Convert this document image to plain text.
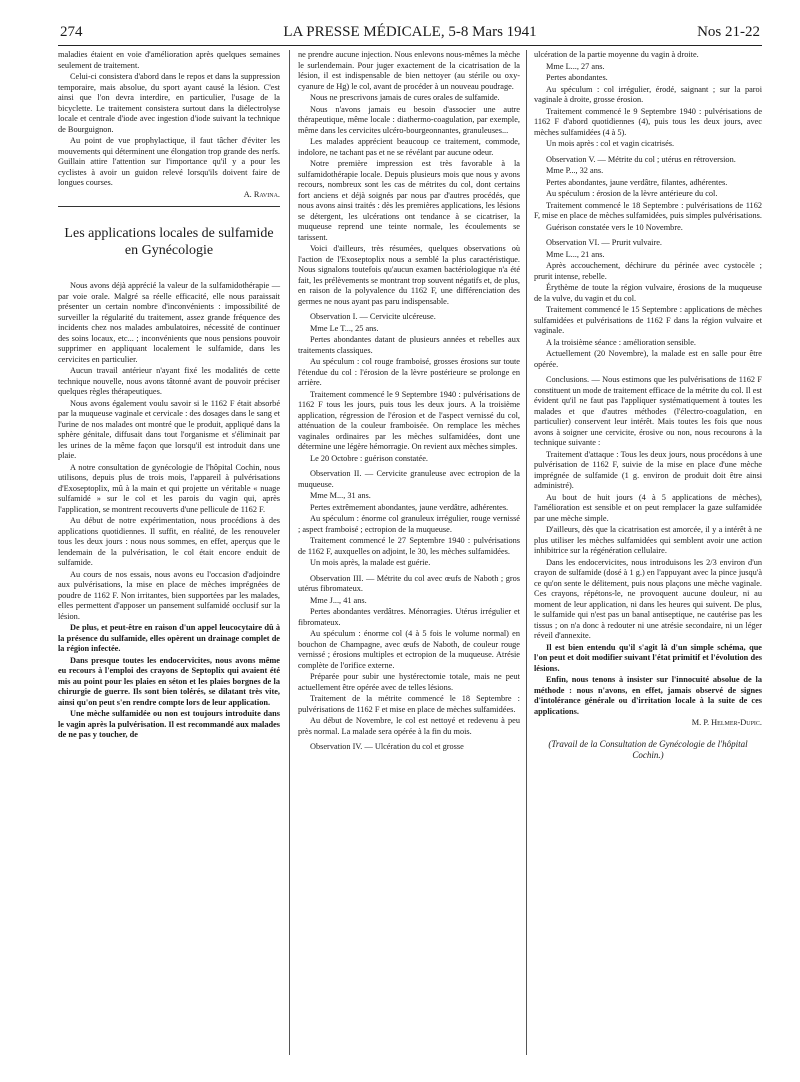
274	LA PRESSE MÉDICALE, 5-8 Mars 1941	Nos 21-22

maladies étaient en voie d'amélioration après quelques semaines seulement de traitement.

Celui-ci consistera d'abord dans le repos et dans la suppression temporaire, mais absolue, du sport ayant causé la lésion. C'est ainsi que l'on devra interdire, en particulier, l'usage de la bicyclette. Le traitement consistera surtout dans la diélectrolyse locale et centrale d'iode avec ingestion d'iode suivant la technique de Bourguignon.

Au point de vue prophylactique, il faut tâcher d'éviter les mouvements qui déterminent une élongation trop grande des nerfs. Guillain attire l'attention sur l'importance qu'il y a pour les cyclistes à avoir un guidon relevé lorsqu'ils doivent faire de longues courses.

A. Ravina.

Les applications locales de sulfamide en Gynécologie

Nous avons déjà apprécié la valeur de la sulfamidothérapie — par voie orale. Malgré sa réelle efficacité, elle nous paraissait présenter un certain nombre d'inconvénients : impossibilité de surveiller la régularité du traitement, assez grande fréquence des incidents chez nos malades ambulatoires, nécessité de continuer des soins locaux, etc... ; inconvénients que nous pensions pouvoir supprimer en appliquant localement le sulfamide, dans les cervicites en particulier.

Aucun travail antérieur n'ayant fixé les modalités de cette technique nouvelle, nous avons tâtonné avant de pouvoir préciser quelques règles thérapeutiques.

Nous avons également voulu savoir si le 1162 F était absorbé par la muqueuse vaginale et cervicale : des dosages dans le sang et l'urine de nos malades ont montré que le produit, appliqué dans la sphère génitale, diffusait dans tout l'organisme et s'éliminait par les urines de la même façon que lorsqu'il est introduit dans une plaie.

A notre consultation de gynécologie de l'hôpital Cochin, nous utilisons, depuis plus de trois mois, l'appareil à pulvérisations d'Exoseptoplix, mû à la main et qui projette un véritable « nuage sulfamidé » sur le col et les parois du vagin qui, après l'application, se montrent recouverts d'une pellicule de 1162 F.

Au début de notre expérimentation, nous procédions à des applications quotidiennes. Il suffit, en réalité, de les renouveler tous les deux jours : nous nous sommes, en effet, aperçus que le lendemain de la pulvérisation, le col était encore enduit de sulfamide.

Au cours de nos essais, nous avons eu l'occasion d'adjoindre aux pulvérisations, la mise en place de mèches imprégnées de poudre de 1162 F. Non irritantes, bien supportées par les malades, elles permettent d'apposer un pansement sulfamidé occlusif sur la lésion.

De plus, et peut-être en raison d'un appel leucocytaire dû à la présence du sulfamide, elles opèrent un drainage complet de la région infectée.

Dans presque toutes les endocervicites, nous avons même eu recours à l'emploi des crayons de Septoplix qui avaient été mis au point pour les plaies en séton et les plaies borgnes de la chirurgie de guerre. Ils sont bien tolérés, se dilatant très vite, ainsi qu'on peut s'en rendre compte lors de leur application.

Une mèche sulfamidée ou non est toujours introduite dans le vagin après la pulvérisation. Il est recommandé aux malades de ne pas y toucher, de

ne prendre aucune injection. Nous enlevons nous-mêmes la mèche le surlendemain. Pour juger exactement de la cicatrisation de la lésion, il est indispensable de bien nettoyer (au stérile ou oxy-cyanure de Hg) le col, avant de procéder à un nouveau poudrage.

Nous ne prescrivons jamais de cures orales de sulfamide.

Nous n'avons jamais eu besoin d'associer une autre thérapeutique, même locale : diathermo-coagulation, par exemple, même dans les cervicites ulcéro-bourgeonnantes, granuleuses...

Les malades apprécient beaucoup ce traitement, commode, indolore, ne tachant pas et ne se révélant par aucune odeur.

Notre première impression est très favorable à la sulfamidothérapie locale. Depuis plusieurs mois que nous y avons recours, nombreux sont les cas de métrites du col, dont certains fort anciens et déjà soignés par nous par d'autres procédés, que nous avons ainsi traités : dès les premières applications, les lésions se détergent, les ulcérations ont tendance à se cicatriser, la muqueuse reprend une teinte normale, les écoulements se tarissent.

Voici d'ailleurs, très résumées, quelques observations où l'action de l'Exoseptoplix nous a semblé la plus caractéristique. Nous signalons toutefois qu'aucun examen bactériologique n'a été fait, les prélèvements se montrant trop souvent négatifs et, de plus, en raison de la polyvalence du 1162 F, une différenciation des germes ne nous ayant pas paru indispensable.

Observation I. — Cervicite ulcéreuse.

Mme Le T..., 25 ans.

Pertes abondantes datant de plusieurs années et rebelles aux traitements classiques.

Au spéculum : col rouge framboisé, grosses érosions sur toute l'étendue du col : l'érosion de la lèvre postérieure se prolonge en arrière.

Traitement commencé le 9 Septembre 1940 : pulvérisations de 1162 F tous les jours, puis tous les deux jours. A la troisième application, régression de l'érosion et de l'aspect vernissé du col, atténuation de la couleur framboisée. On remplace les mèches vaginales ordinaires par les mèches sulfamidées, dont une détermine une légère hémorragie. On revient aux mèches simples.

Le 20 Octobre : guérison constatée.

Observation II. — Cervicite granuleuse avec ectropion de la muqueuse.

Mme M..., 31 ans.

Pertes extrêmement abondantes, jaune verdâtre, adhérentes.

Au spéculum : énorme col granuleux irrégulier, rouge vernissé ; aspect framboisé ; ectropion de la muqueuse.

Traitement commencé le 27 Septembre 1940 : pulvérisations de 1162 F, auxquelles on adjoint, le 30, les mèches sulfamidées.

Un mois après, la malade est guérie.

Observation III. — Métrite du col avec œufs de Naboth ; gros utérus fibromateux.

Mme J..., 41 ans.

Pertes abondantes verdâtres. Ménorragies. Utérus irrégulier et fibromateux.

Au spéculum : énorme col (4 à 5 fois le volume normal) en bouchon de Champagne, avec œufs de Naboth, de couleur rouge vernissé ; érosions multiples et ectropion de la muqueuse. Atrésie complète de l'orifice externe.

Préparée pour subir une hystérectomie totale, mais ne peut actuellement être opérée avec de telles lésions.

Traitement de la métrite commencé le 18 Septembre : pulvérisations de 1162 F et mise en place de mèches sulfamidées.

Au début de Novembre, le col est nettoyé et redevenu à peu près normal. La malade sera opérée à la fin du mois.

Observation IV. — Ulcération du col et grosse

ulcération de la partie moyenne du vagin à droite.

Mme L..., 27 ans.

Pertes abondantes.

Au spéculum : col irrégulier, érodé, saignant ; sur la paroi vaginale à droite, grosse érosion.

Traitement commencé le 9 Septembre 1940 : pulvérisations de 1162 F d'abord quotidiennes (4), puis tous les deux jours, avec mèches sulfamidées (4 à 5).

Un mois après : col et vagin cicatrisés.

Observation V. — Métrite du col ; utérus en rétroversion.

Mme P..., 32 ans.

Pertes abondantes, jaune verdâtre, filantes, adhérentes.

Au spéculum : érosion de la lèvre antérieure du col.

Traitement commencé le 18 Septembre : pulvérisations de 1162 F, mise en place de mèches sulfamidées, puis simples pulvérisations.

Guérison constatée vers le 10 Novembre.

Observation VI. — Prurit vulvaire.

Mme L..., 21 ans.

Après accouchement, déchirure du périnée avec cystocèle ; prurit intense, rebelle.

Érythème de toute la région vulvaire, érosions de la muqueuse de la vulve, du vagin et du col.

Traitement commencé le 15 Septembre : applications de mèches sulfamidées et pulvérisations de 1162 F dans la région vulvaire et vaginale.

A la troisième séance : amélioration sensible.

Actuellement (20 Novembre), la malade est en salle pour être opérée.

Conclusions. — Nous estimons que les pulvérisations de 1162 F constituent un mode de traitement efficace de la métrite du col. Il est évident qu'il ne faut pas l'appliquer systématiquement à toutes les malades et que d'autres méthodes (l'électro-coagulation, en particulier) conservent leur intérêt. Mais toutes les fois que nous avons à soigner une cervicite, érosive ou non, nous recourons à la technique suivante :

Traitement d'attaque : Tous les deux jours, nous procédons à une pulvérisation de 1162 F, suivie de la mise en place d'une mèche imprégnée de sulfamide (1 g. environ de produit doit être ainsi administré).

Au bout de huit jours (4 à 5 applications de mèches), l'amélioration est sensible et on peut remplacer la gaze sulfamidée par une mèche simple.

D'ailleurs, dès que la cicatrisation est amorcée, il y a intérêt à ne plus utiliser les mèches sulfamidées qui semblent avoir une action inhibitrice sur la régénération cellulaire.

Dans les endocervicites, nous introduisons les 2/3 environ d'un crayon de sulfamide (dosé à 1 g.) en l'appuyant avec la pince jusqu'à ce qu'on sente le délitement, puis nous plaçons une mèche vaginale. Ces crayons, répétons-le, ne provoquent aucune douleur, ni au moment de leur application, ni dans les heures qui suivent. De plus, le sulfamide qui n'est pas un banal antiseptique, ne cautérise pas les tissus ; on n'a donc à redouter ni une atrésie secondaire, ni un léger réveil d'annexite.

Il est bien entendu qu'il s'agit là d'un simple schéma, que l'on peut et doit modifier suivant l'état primitif et l'évolution des lésions.

Enfin, nous tenons à insister sur l'innocuité absolue de la méthode : nous n'avons, en effet, jamais observé de signes d'intolérance générale ou d'irritation locale à la suite de ces applications.

M. P. Helmer-Dupic.

(Travail de la Consultation de Gynécologie de l'hôpital Cochin.)
